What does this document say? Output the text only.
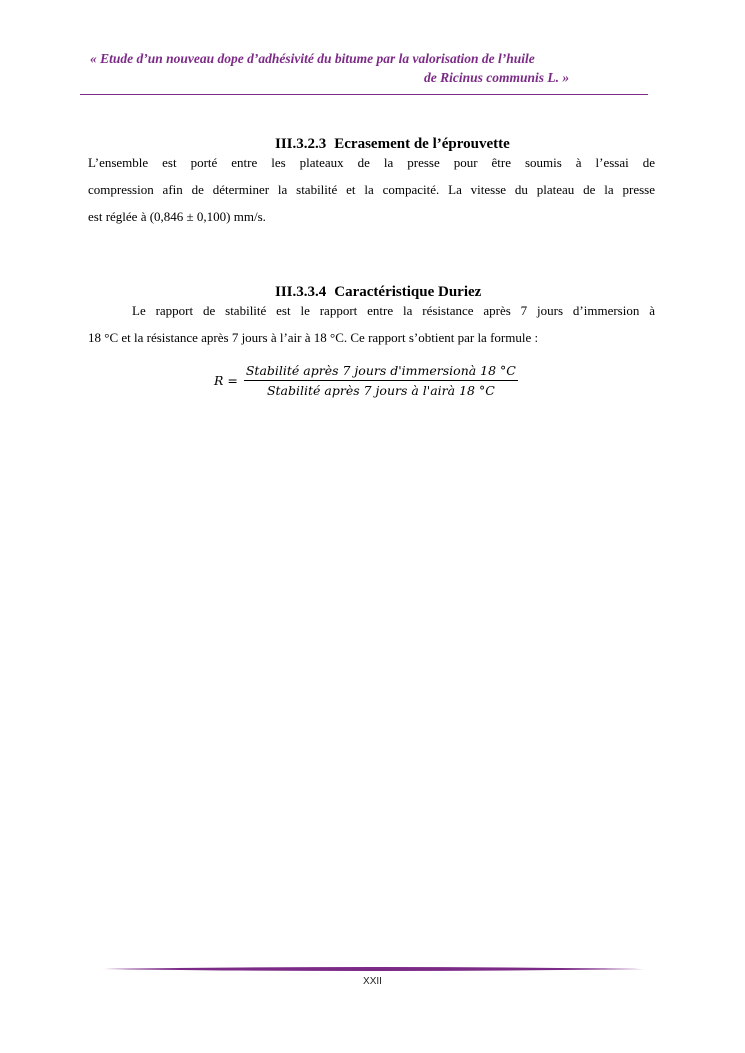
« Etude d’un nouveau dope d’adhésivité du bitume par la valorisation de l’huile
de Ricinus communis L. »
III.3.2.3 Ecrasement de l’éprouvette
L’ensemble est porté entre les plateaux de la presse pour être soumis à l’essai de
compression afin de déterminer la stabilité et la compacité. La vitesse du plateau de la presse
est réglée à (0,846 ± 0,100) mm/s.
III.3.3.4 Caractéristique Duriez
Le rapport de stabilité est le rapport entre la résistance après 7 jours d’immersion à
18 °C et la résistance après 7 jours à l’air à 18 °C. Ce rapport s’obtient par la formule :
$R = \frac{\text{Stabilité après 7 jours d'immersionà 18 °C}}{\text{Stabilité après 7 jours à l'airà 18 °C}}$
XXII
